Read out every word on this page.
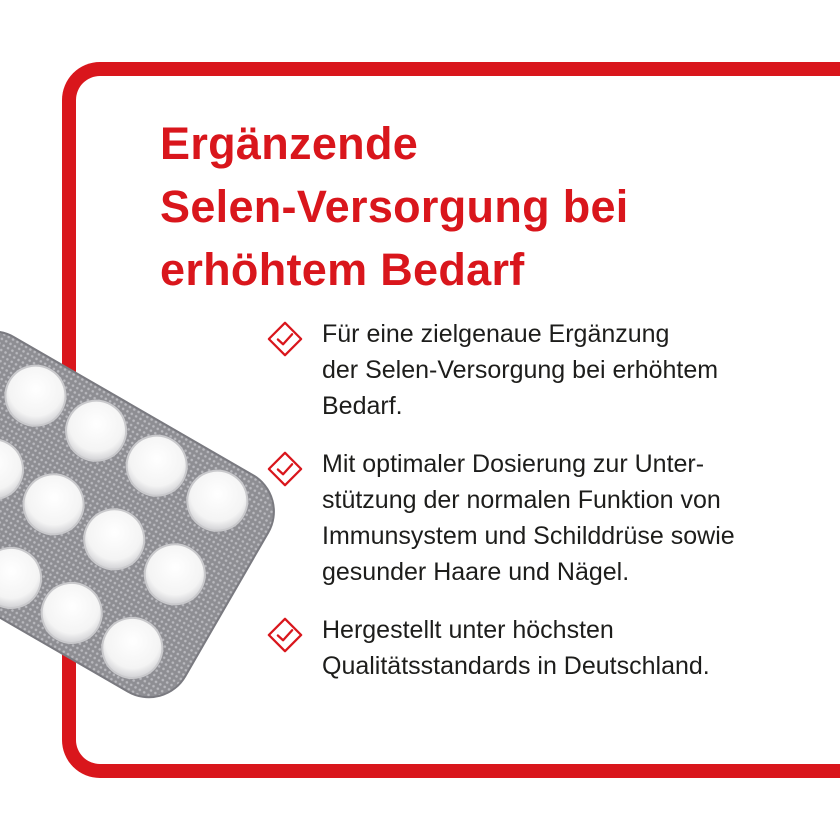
Ergänzende
Selen-Versorgung bei
erhöhtem Bedarf
Für eine zielgenaue Ergänzung
der Selen-Versorgung bei erhöhtem
Bedarf.
Mit optimaler Dosierung zur Unter-
stützung der normalen Funktion von
Immunsystem und Schilddrüse sowie
gesunder Haare und Nägel.
Hergestellt unter höchsten
Qualitätsstandards in Deutschland.
